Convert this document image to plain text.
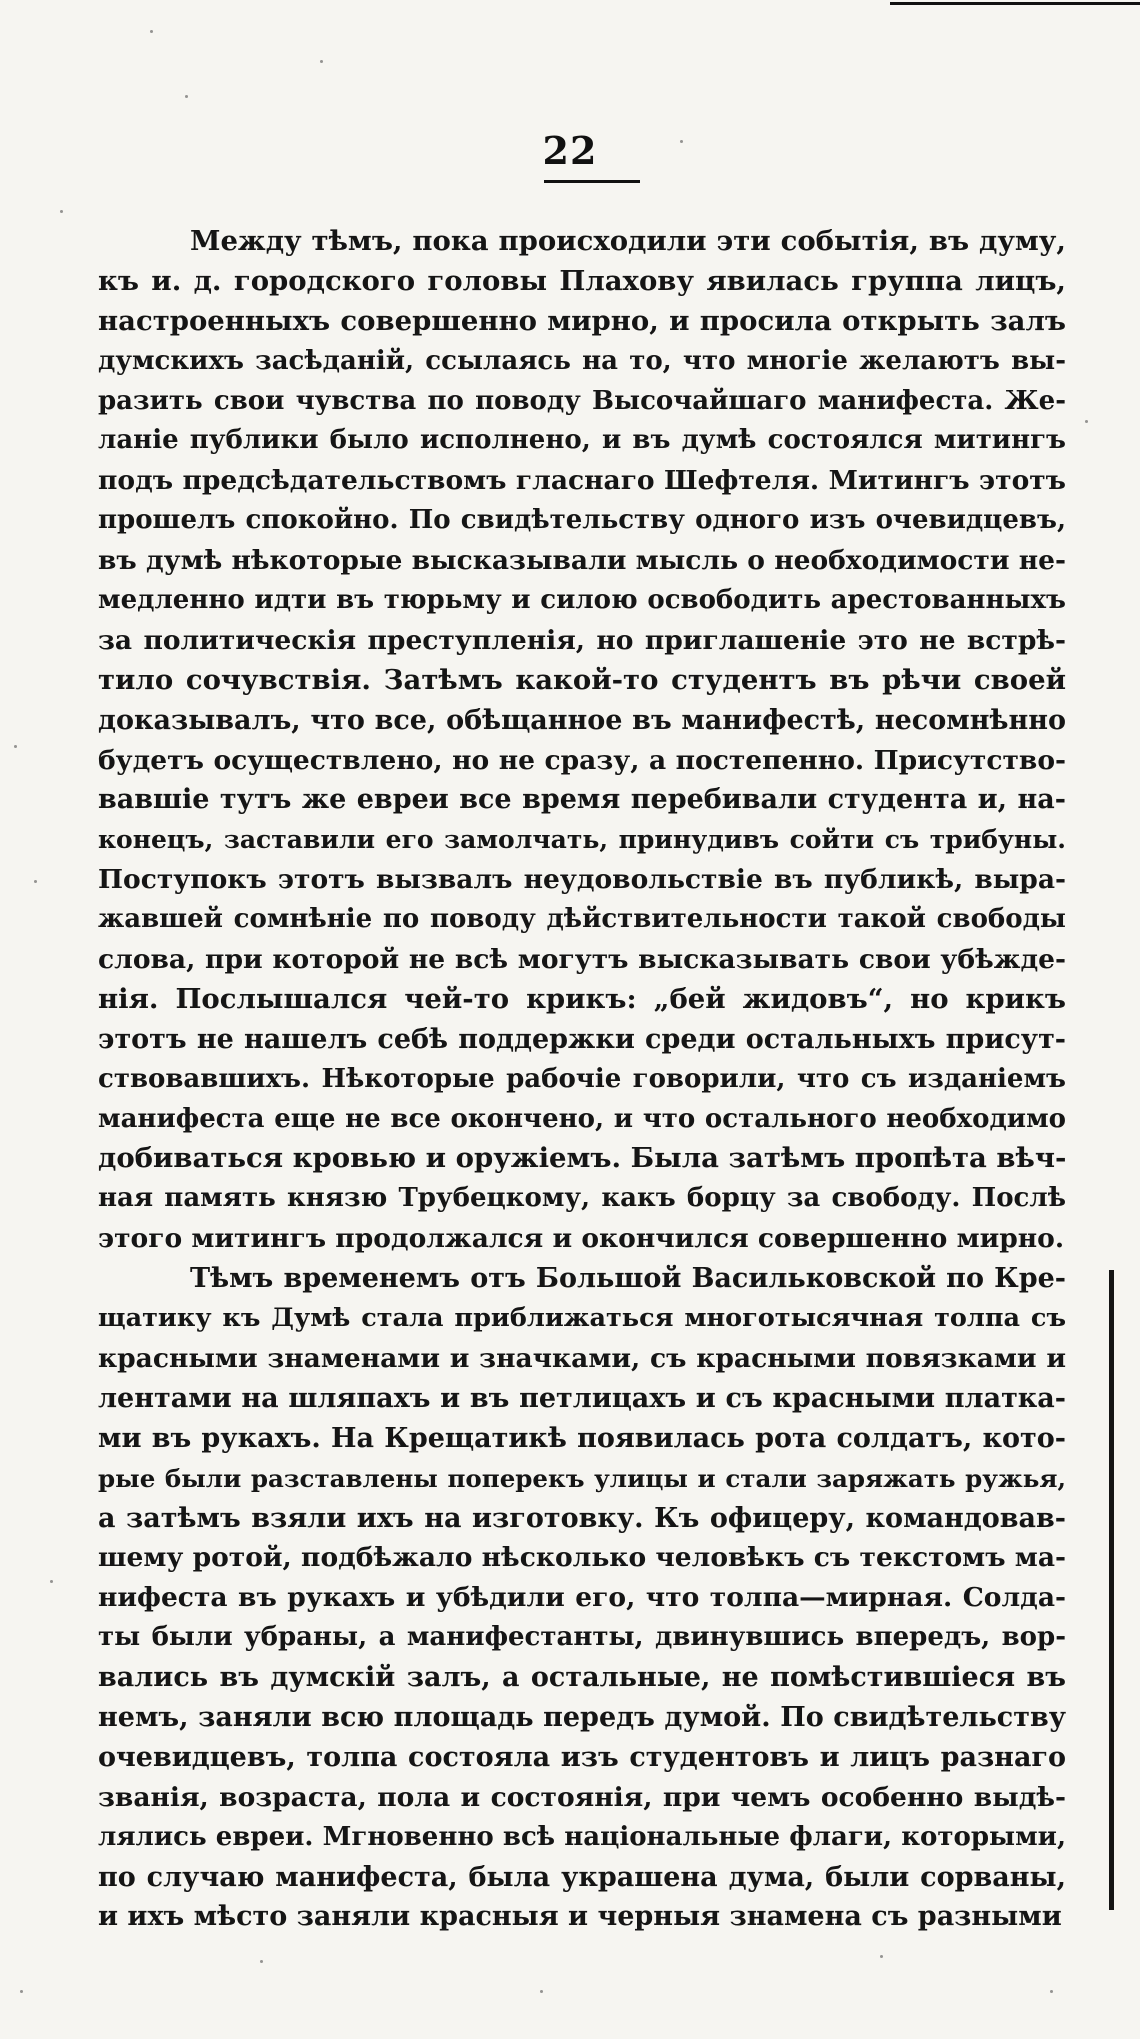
22
Между тѣмъ, пока происходили эти событія, въ думу,
къ и. д. городского головы Плахову явилась группа лицъ,
настроенныхъ совершенно мирно, и просила открыть залъ
думскихъ засѣданій, ссылаясь на то, что многіе желаютъ вы-
разить свои чувства по поводу Высочайшаго манифеста. Же-
ланіе публики было исполнено, и въ думѣ состоялся митингъ
подъ предсѣдательствомъ гласнаго Шефтеля. Митингъ этотъ
прошелъ спокойно. По свидѣтельству одного изъ очевидцевъ,
въ думѣ нѣкоторые высказывали мысль о необходимости не-
медленно идти въ тюрьму и силою освободить арестованныхъ
за политическія преступленія, но приглашеніе это не встрѣ-
тило сочувствія. Затѣмъ какой-то студентъ въ рѣчи своей
доказывалъ, что все, обѣщанное въ манифестѣ, несомнѣнно
будетъ осуществлено, но не сразу, а постепенно. Присутство-
вавшіе тутъ же евреи все время перебивали студента и, на-
конецъ, заставили его замолчать, принудивъ сойти съ трибуны.
Поступокъ этотъ вызвалъ неудовольствіе въ публикѣ, выра-
жавшей сомнѣніе по поводу дѣйствительности такой свободы
слова, при которой не всѣ могутъ высказывать свои убѣжде-
нія. Послышался чей-то крикъ: „бей жидовъ“, но крикъ
этотъ не нашелъ себѣ поддержки среди остальныхъ присут-
ствовавшихъ. Нѣкоторые рабочіе говорили, что съ изданіемъ
манифеста еще не все окончено, и что остального необходимо
добиваться кровью и оружіемъ. Была затѣмъ пропѣта вѣч-
ная память князю Трубецкому, какъ борцу за свободу. Послѣ
этого митингъ продолжался и окончился совершенно мирно.
Тѣмъ временемъ отъ Большой Васильковской по Кре-
щатику къ Думѣ стала приближаться многотысячная толпа съ
красными знаменами и значками, съ красными повязками и
лентами на шляпахъ и въ петлицахъ и съ красными платка-
ми въ рукахъ. На Крещатикѣ появилась рота солдатъ, кото-
рые были разставлены поперекъ улицы и стали заряжать ружья,
а затѣмъ взяли ихъ на изготовку. Къ офицеру, командовав-
шему ротой, подбѣжало нѣсколько человѣкъ съ текстомъ ма-
нифеста въ рукахъ и убѣдили его, что толпа—мирная. Солда-
ты были убраны, а манифестанты, двинувшись впередъ, вор-
вались въ думскій залъ, а остальные, не помѣстившіеся въ
немъ, заняли всю площадь передъ думой. По свидѣтельству
очевидцевъ, толпа состояла изъ студентовъ и лицъ разнаго
званія, возраста, пола и состоянія, при чемъ особенно выдѣ-
лялись евреи. Мгновенно всѣ національные флаги, которыми,
по случаю манифеста, была украшена дума, были сорваны,
и ихъ мѣсто заняли красныя и черныя знамена съ разными
